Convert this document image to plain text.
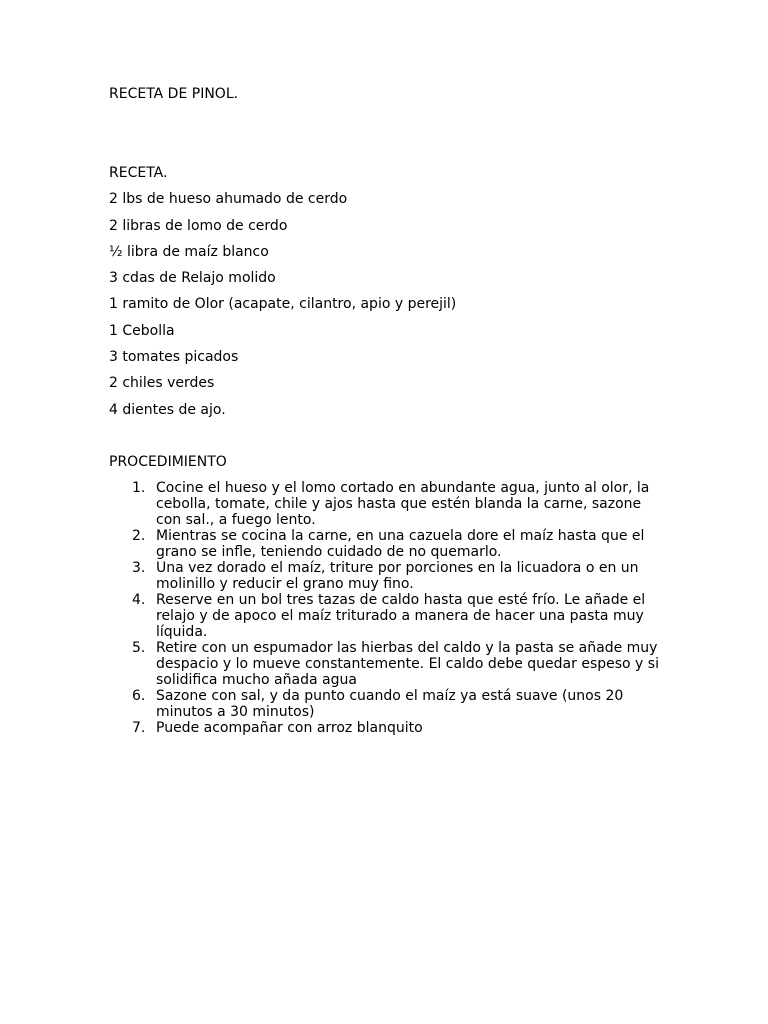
RECETA DE PINOL.
RECETA.
2 lbs de hueso ahumado de cerdo
2 libras de lomo de cerdo
½ libra de maíz blanco
3 cdas de Relajo molido
1 ramito de Olor (acapate, cilantro, apio y perejil)
1 Cebolla
3 tomates picados
2 chiles verdes
4 dientes de ajo.
PROCEDIMIENTO
Cocine el hueso y el lomo cortado en abundante agua, junto al olor, la cebolla, tomate, chile y ajos hasta que estén blanda la carne, sazone con sal., a fuego lento.
Mientras se cocina la carne, en una cazuela dore el maíz hasta que el grano se infle, teniendo cuidado de no quemarlo.
Una vez dorado el maíz, triture por porciones en la licuadora o en un molinillo y reducir el grano muy fino.
Reserve en un bol tres tazas de caldo hasta que esté frío. Le añade el relajo y de apoco el maíz triturado a manera de hacer una pasta muy líquida.
Retire con un espumador las hierbas del caldo y la pasta se añade muy despacio y lo mueve constantemente. El caldo debe quedar espeso y si solidifica mucho añada agua
Sazone con sal, y da punto cuando el maíz ya está suave (unos 20 minutos a 30 minutos)
Puede acompañar con arroz blanquito
